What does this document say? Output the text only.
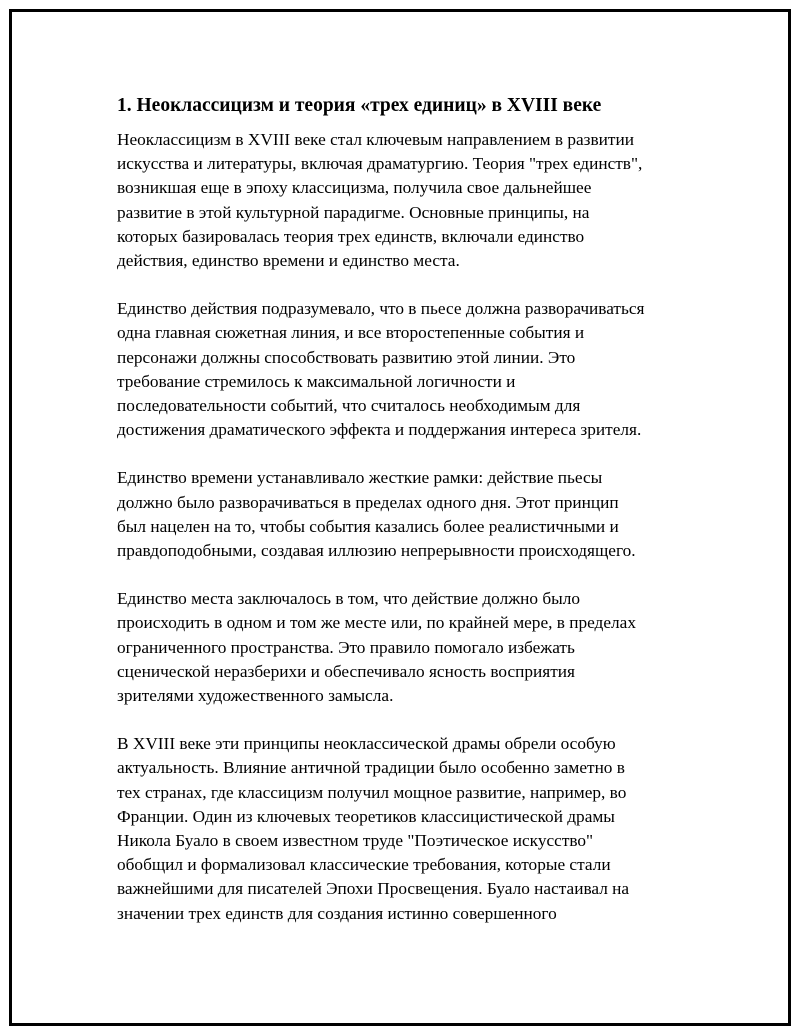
1. Неоклассицизм и теория «трех единиц» в XVIII веке

Неоклассицизм в XVIII веке стал ключевым направлением в развитии
искусства и литературы, включая драматургию. Теория "трех единств",
возникшая еще в эпоху классицизма, получила свое дальнейшее
развитие в этой культурной парадигме. Основные принципы, на
которых базировалась теория трех единств, включали единство
действия, единство времени и единство места.

Единство действия подразумевало, что в пьесе должна разворачиваться
одна главная сюжетная линия, и все второстепенные события и
персонажи должны способствовать развитию этой линии. Это
требование стремилось к максимальной логичности и
последовательности событий, что считалось необходимым для
достижения драматического эффекта и поддержания интереса зрителя.

Единство времени устанавливало жесткие рамки: действие пьесы
должно было разворачиваться в пределах одного дня. Этот принцип
был нацелен на то, чтобы события казались более реалистичными и
правдоподобными, создавая иллюзию непрерывности происходящего.

Единство места заключалось в том, что действие должно было
происходить в одном и том же месте или, по крайней мере, в пределах
ограниченного пространства. Это правило помогало избежать
сценической неразберихи и обеспечивало ясность восприятия
зрителями художественного замысла.

В XVIII веке эти принципы неоклассической драмы обрели особую
актуальность. Влияние античной традиции было особенно заметно в
тех странах, где классицизм получил мощное развитие, например, во
Франции. Один из ключевых теоретиков классицистической драмы
Никола Буало в своем известном труде "Поэтическое искусство"
обобщил и формализовал классические требования, которые стали
важнейшими для писателей Эпохи Просвещения. Буало настаивал на
значении трех единств для создания истинно совершенного
